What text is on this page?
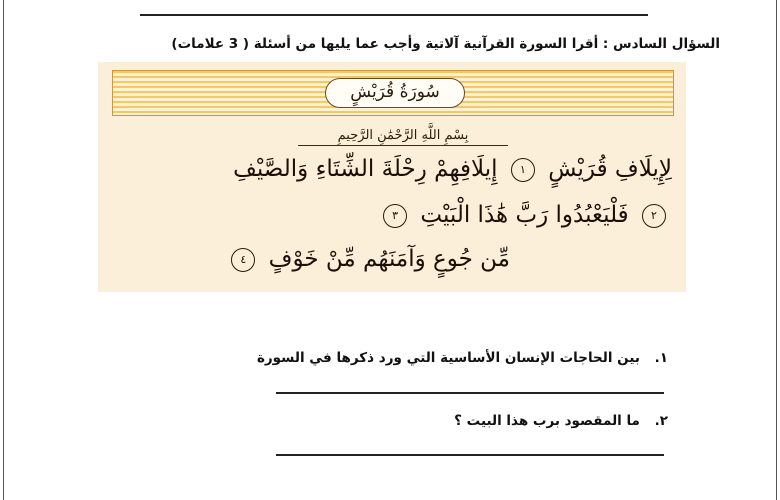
السؤال السادس : أقرا السورة القرآنية آلاتية وأجب عما يليها من أسئلة ( 3 علامات)
سُورَةُ قُرَيْشٍ
بِسْمِ اللَّهِ الرَّحْمَٰنِ الرَّحِيمِ
لِإِيلَافِ قُرَيْشٍ ١ إِيلَافِهِمْ رِحْلَةَ الشِّتَاءِ وَالصَّيْفِ
٢ فَلْيَعْبُدُوا رَبَّ هَٰذَا الْبَيْتِ ٣
مِّن جُوعٍ وَآمَنَهُم مِّنْ خَوْفٍ ٤
١. بين الحاجات الإنسان الأساسية التي ورد ذكرها في السورة
٢. ما المقصود برب هذا البيت ؟
